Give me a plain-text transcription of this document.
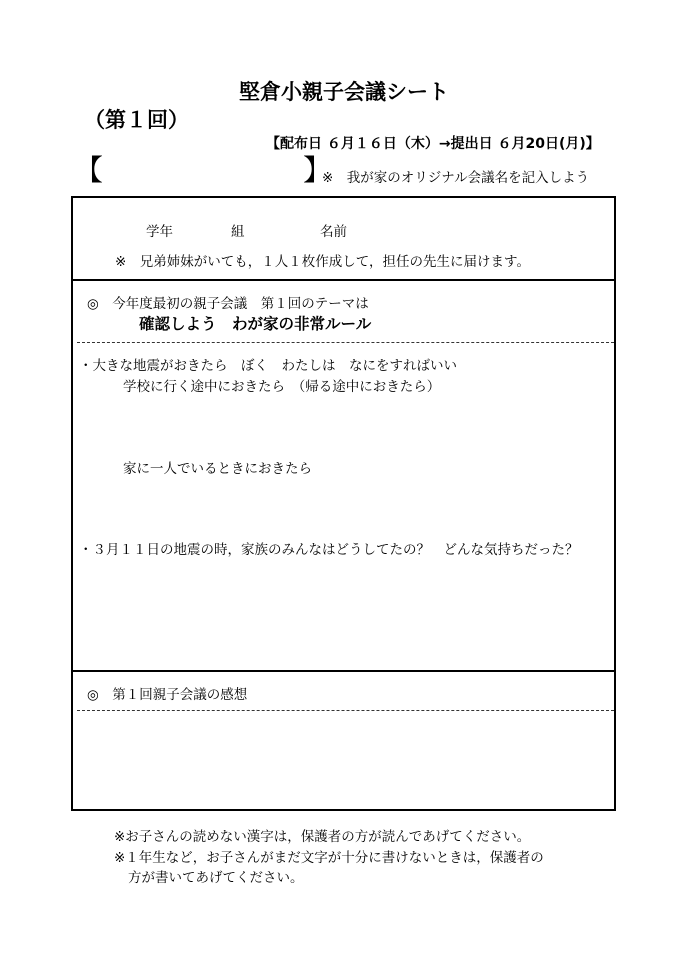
堅倉小親子会議シート
（第１回）
【配布日 ６月１６日（木）→提出日 ６月20日(月)】
【	】
※　我が家のオリジナル会議名を記入しよう
学年	組	名前
※　兄弟姉妹がいても，１人１枚作成して，担任の先生に届けます。
◎　今年度最初の親子会議　第１回のテーマは
確認しよう　わが家の非常ルール
・大きな地震がおきたら　ぼく　わたしは　なにをすればいい
学校に行く途中におきたら　（帰る途中におきたら）
家に一人でいるときにおきたら
・３月１１日の地震の時，家族のみんなはどうしてたの？　どんな気持ちだった？
◎　第１回親子会議の感想
※お子さんの読めない漢字は，保護者の方が読んであげてください。
※１年生など，お子さんがまだ文字が十分に書けないときは，保護者の
方が書いてあげてください。
